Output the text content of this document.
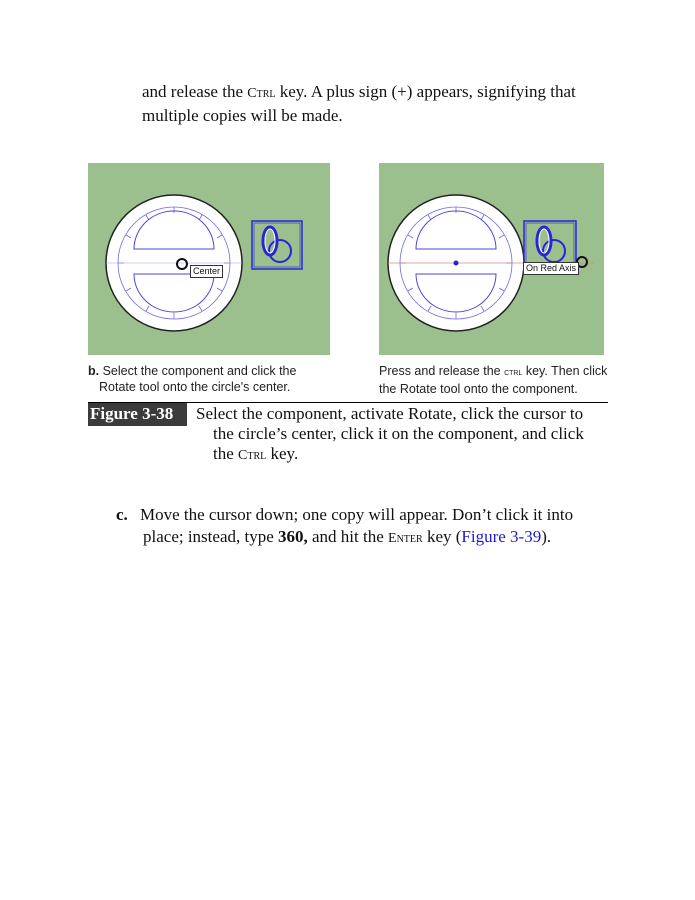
and release the Ctrl key. A plus sign (+) appears, signifying that
multiple copies will be made.
Center	On Red Axis
b. Select the component and click the
Rotate tool onto the circle's center.
Press and release the ctrl key. Then click
the Rotate tool onto the component.
Figure 3-38	Select the component, activate Rotate, click the cursor to
the circle’s center, click it on the component, and click
the Ctrl key.
c. Move the cursor down; one copy will appear. Don’t click it into
place; instead, type 360, and hit the Enter key (Figure 3-39).
